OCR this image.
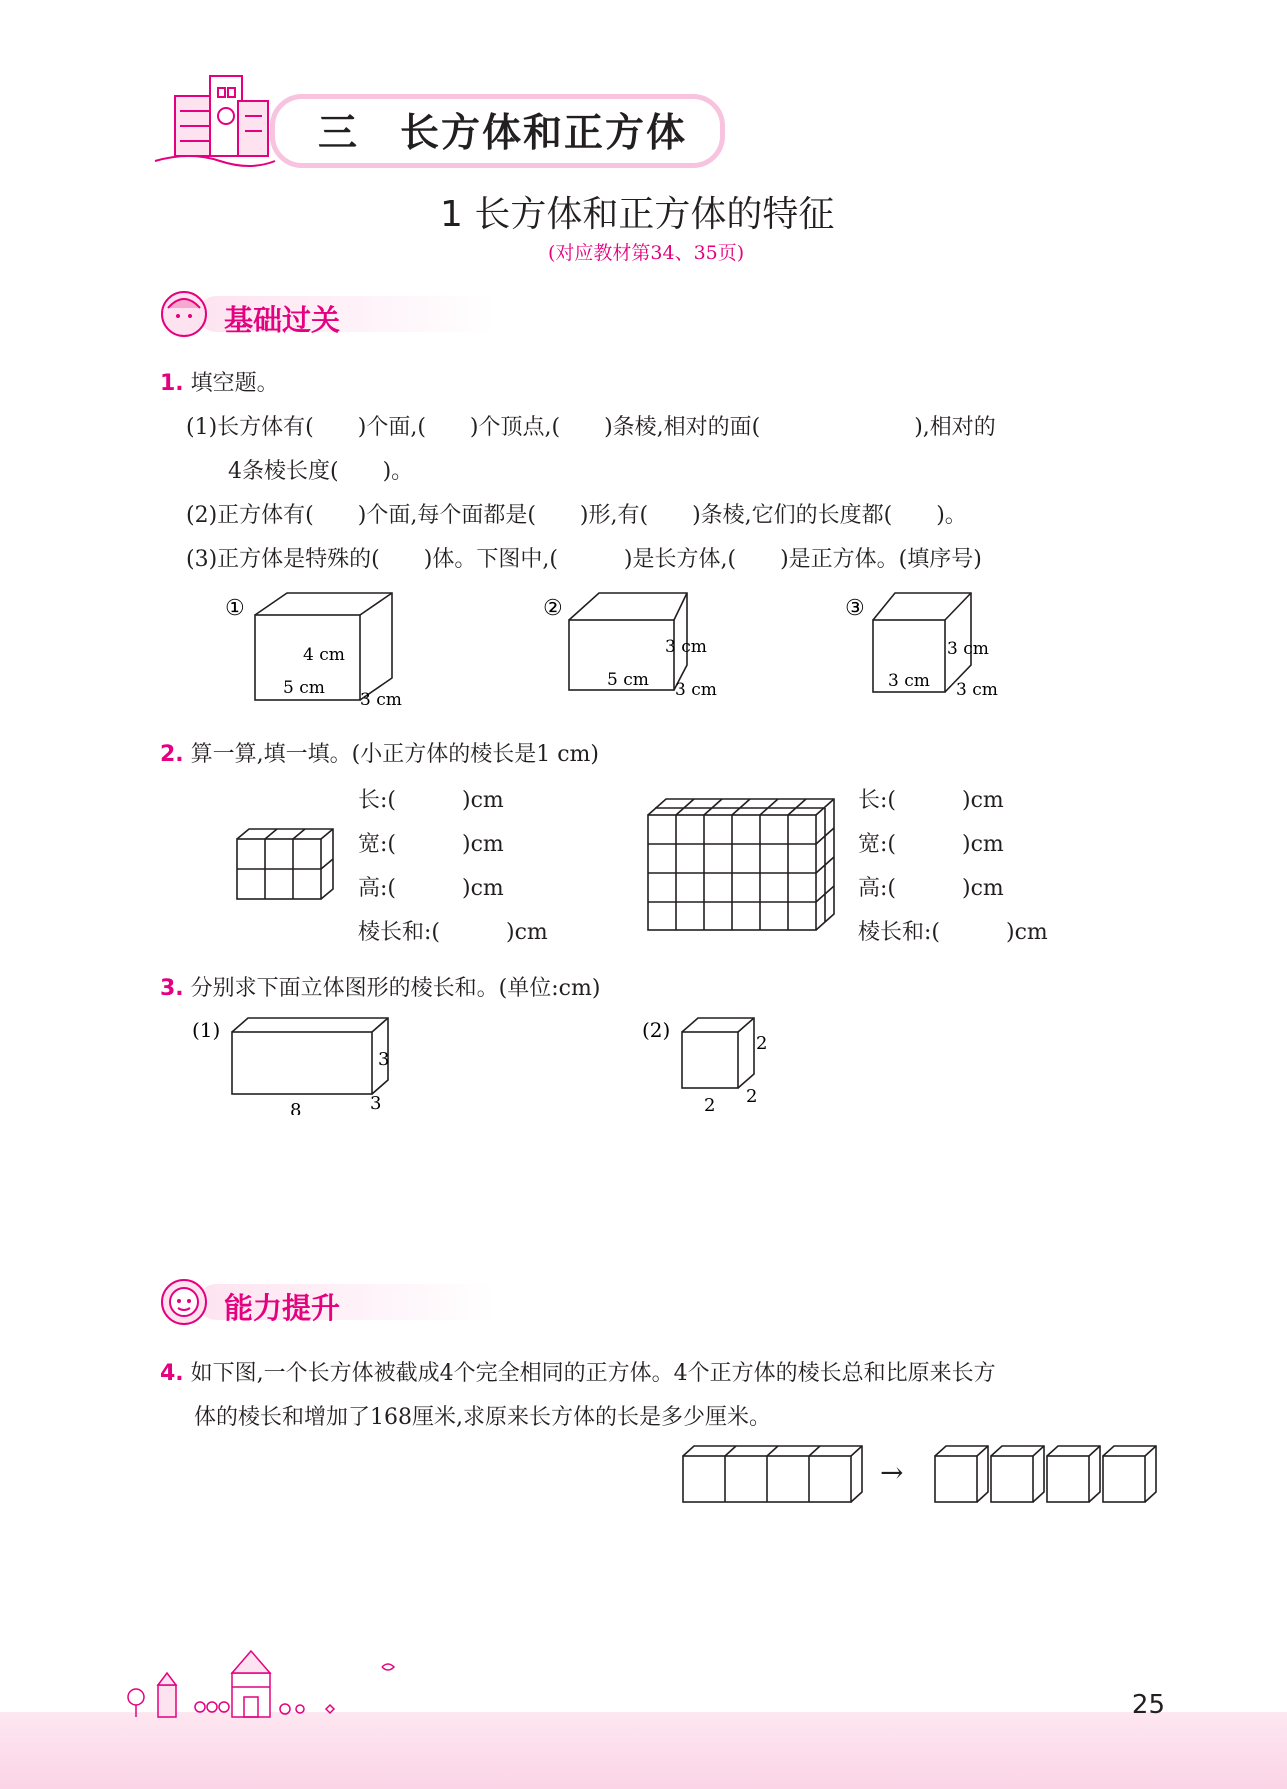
三　长方体和正方体
1 长方体和正方体的特征
(对应教材第34、35页)
基础过关
1. 填空题。
(1)长方体有(　　)个面,(　　)个顶点,(　　)条棱,相对的面(　　　　　　　),相对的
4条棱长度(　　)。
(2)正方体有(　　)个面,每个面都是(　　)形,有(　　)条棱,它们的长度都(　　)。
(3)正方体是特殊的(　　)体。下图中,(　　　)是长方体,(　　)是正方体。(填序号)
①
4 cm
5 cm
3 cm
②
3 cm
5 cm 3 cm
③
3 cm
3 cm 3 cm
2. 算一算,填一填。(小正方体的棱长是1 cm)
长:(　　　)cm
宽:(　　　)cm
高:(　　　)cm
棱长和:(　　　)cm
长:(　　　)cm
宽:(　　　)cm
高:(　　　)cm
棱长和:(　　　)cm
3. 分别求下面立体图形的棱长和。(单位:cm)
(1)
8
3
3
(2)
2
2
2
能力提升
4. 如下图,一个长方体被截成4个完全相同的正方体。4个正方体的棱长总和比原来长方
体的棱长和增加了168厘米,求原来长方体的长是多少厘米。
→
25
